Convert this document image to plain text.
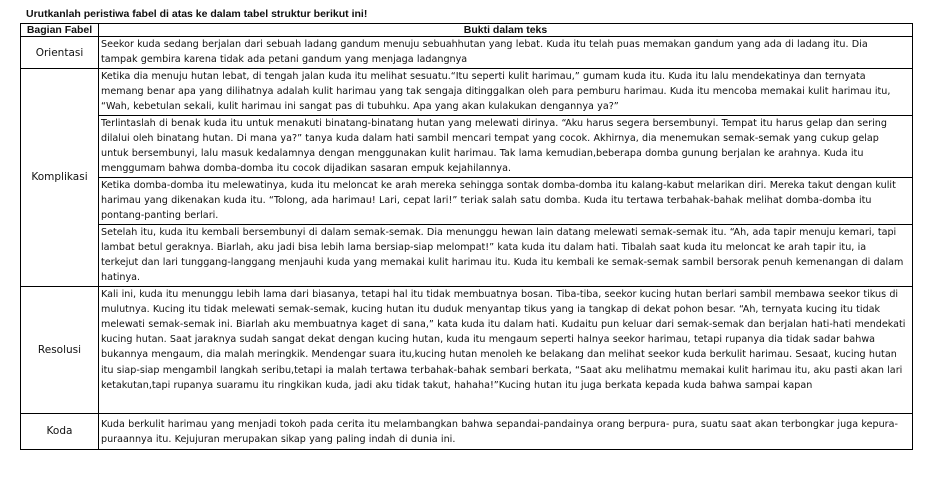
Urutkanlah peristiwa fabel di atas ke dalam tabel struktur berikut ini!
Bagian Fabel	Bukti dalam teks
Orientasi	Seekor kuda sedang berjalan dari sebuah ladang gandum menuju sebuahhutan yang lebat. Kuda itu telah puas memakan gandum yang ada di ladang itu. Dia tampak gembira karena tidak ada petani gandum yang menjaga ladangnya
Komplikasi	Ketika dia menuju hutan lebat, di tengah jalan kuda itu melihat sesuatu.“Itu seperti kulit harimau,” gumam kuda itu. Kuda itu lalu mendekatinya dan ternyata memang benar apa yang dilihatnya adalah kulit harimau yang tak sengaja ditinggalkan oleh para pemburu harimau. Kuda itu mencoba memakai kulit harimau itu, “Wah, kebetulan sekali, kulit harimau ini sangat pas di tubuhku. Apa yang akan kulakukan dengannya ya?”
	Terlintaslah di benak kuda itu untuk menakuti binatang-binatang hutan yang melewati dirinya. “Aku harus segera bersembunyi. Tempat itu harus gelap dan sering dilalui oleh binatang hutan. Di mana ya?” tanya kuda dalam hati sambil mencari tempat yang cocok. Akhirnya, dia menemukan semak-semak yang cukup gelap untuk bersembunyi, lalu masuk kedalamnya dengan menggunakan kulit harimau. Tak lama kemudian,beberapa domba gunung berjalan ke arahnya. Kuda itu menggumam bahwa domba-domba itu cocok dijadikan sasaran empuk kejahilannya.
	Ketika domba-domba itu melewatinya, kuda itu meloncat ke arah mereka sehingga sontak domba-domba itu kalang-kabut melarikan diri. Mereka takut dengan kulit harimau yang dikenakan kuda itu. “Tolong, ada harimau! Lari, cepat lari!” teriak salah satu domba. Kuda itu tertawa terbahak-bahak melihat domba-domba itu pontang-panting berlari.
	Setelah itu, kuda itu kembali bersembunyi di dalam semak-semak. Dia menunggu hewan lain datang melewati semak-semak itu. “Ah, ada tapir menuju kemari, tapi lambat betul geraknya. Biarlah, aku jadi bisa lebih lama bersiap-siap melompat!” kata kuda itu dalam hati. Tibalah saat kuda itu meloncat ke arah tapir itu, ia terkejut dan lari tunggang-langgang menjauhi kuda yang memakai kulit harimau itu. Kuda itu kembali ke semak-semak sambil bersorak penuh kemenangan di dalam hatinya.
Resolusi	Kali ini, kuda itu menunggu lebih lama dari biasanya, tetapi hal itu tidak membuatnya bosan. Tiba-tiba, seekor kucing hutan berlari sambil membawa seekor tikus di mulutnya. Kucing itu tidak melewati semak-semak, kucing hutan itu duduk menyantap tikus yang ia tangkap di dekat pohon besar. “Ah, ternyata kucing itu tidak melewati semak-semak ini. Biarlah aku membuatnya kaget di sana,” kata kuda itu dalam hati. Kudaitu pun keluar dari semak-semak dan berjalan hati-hati mendekati kucing hutan. Saat jaraknya sudah sangat dekat dengan kucing hutan, kuda itu mengaum seperti halnya seekor harimau, tetapi rupanya dia tidak sadar bahwa bukannya mengaum, dia malah meringkik. Mendengar suara itu,kucing hutan menoleh ke belakang dan melihat seekor kuda berkulit harimau. Sesaat, kucing hutan itu siap-siap mengambil langkah seribu,tetapi ia malah tertawa terbahak-bahak sembari berkata, “Saat aku melihatmu memakai kulit harimau itu, aku pasti akan lari ketakutan,tapi rupanya suaramu itu ringkikan kuda, jadi aku tidak takut, hahaha!”Kucing hutan itu juga berkata kepada kuda bahwa sampai kapan
Koda	Kuda berkulit harimau yang menjadi tokoh pada cerita itu melambangkan bahwa sepandai-pandainya orang berpura- pura, suatu saat akan terbongkar juga kepura-puraannya itu. Kejujuran merupakan sikap yang paling indah di dunia ini.
